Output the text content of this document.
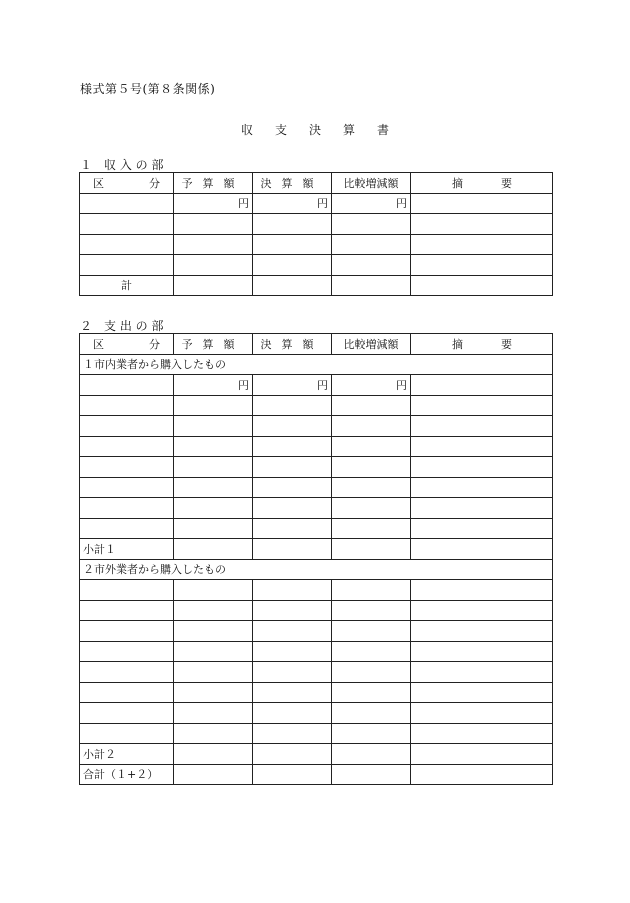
様式第５号(第８条関係)
収支決算書
１　収 入 の 部
区 分	予算額	決算額	比較増減額	摘要
	円	円	円	

計				
２　支 出 の 部
区 分	予算額	決算額	比較増減額	摘要
１市内業者から購入したもの				
	円	円	円	

小計１				
２市外業者から購入したもの				

小計２				
合計（１+２）				
